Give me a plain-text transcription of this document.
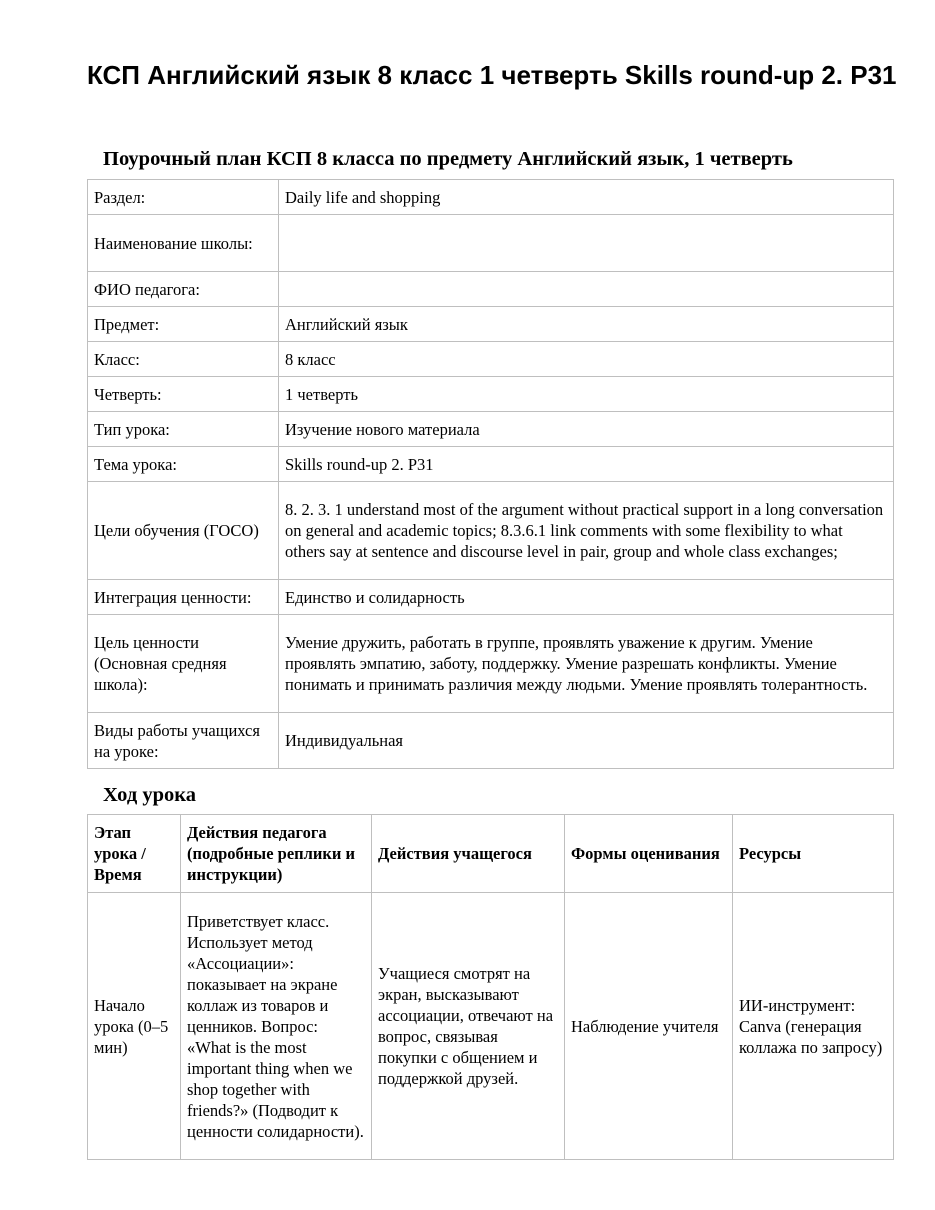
КСП Английский язык 8 класс 1 четверть Skills round-up 2. P31

Поурочный план КСП 8 класса по предмету Английский язык, 1 четверть

Раздел:	Daily life and shopping
Наименование школы:	
ФИО педагога:	
Предмет:	Английский язык
Класс:	8 класс
Четверть:	1 четверть
Тип урока:	Изучение нового материала
Тема урока:	Skills round-up 2. P31
Цели обучения (ГОСО)	8. 2. 3. 1 understand most of the argument without practical support in a long conversation on general and academic topics; 8.3.6.1 link comments with some flexibility to what others say at sentence and discourse level in pair, group and whole class exchanges;
Интеграция ценности:	Единство и солидарность
Цель ценности (Основная средняя школа):	Умение дружить, работать в группе, проявлять уважение к другим. Умение проявлять эмпатию, заботу, поддержку. Умение разрешать конфликты. Умение понимать и принимать различия между людьми. Умение проявлять толерантность.
Виды работы учащихся на уроке:	Индивидуальная

Ход урока

Этап урока / Время	Действия педагога (подробные реплики и инструкции)	Действия учащегося	Формы оценивания	Ресурсы
Начало урока (0–5 мин)	Приветствует класс. Использует метод «Ассоциации»: показывает на экране коллаж из товаров и ценников. Вопрос: «What is the most important thing when we shop together with friends?» (Подводит к ценности солидарности).	Учащиеся смотрят на экран, высказывают ассоциации, отвечают на вопрос, связывая покупки с общением и поддержкой друзей.	Наблюдение учителя	ИИ-инструмент: Canva (генерация коллажа по запросу)
